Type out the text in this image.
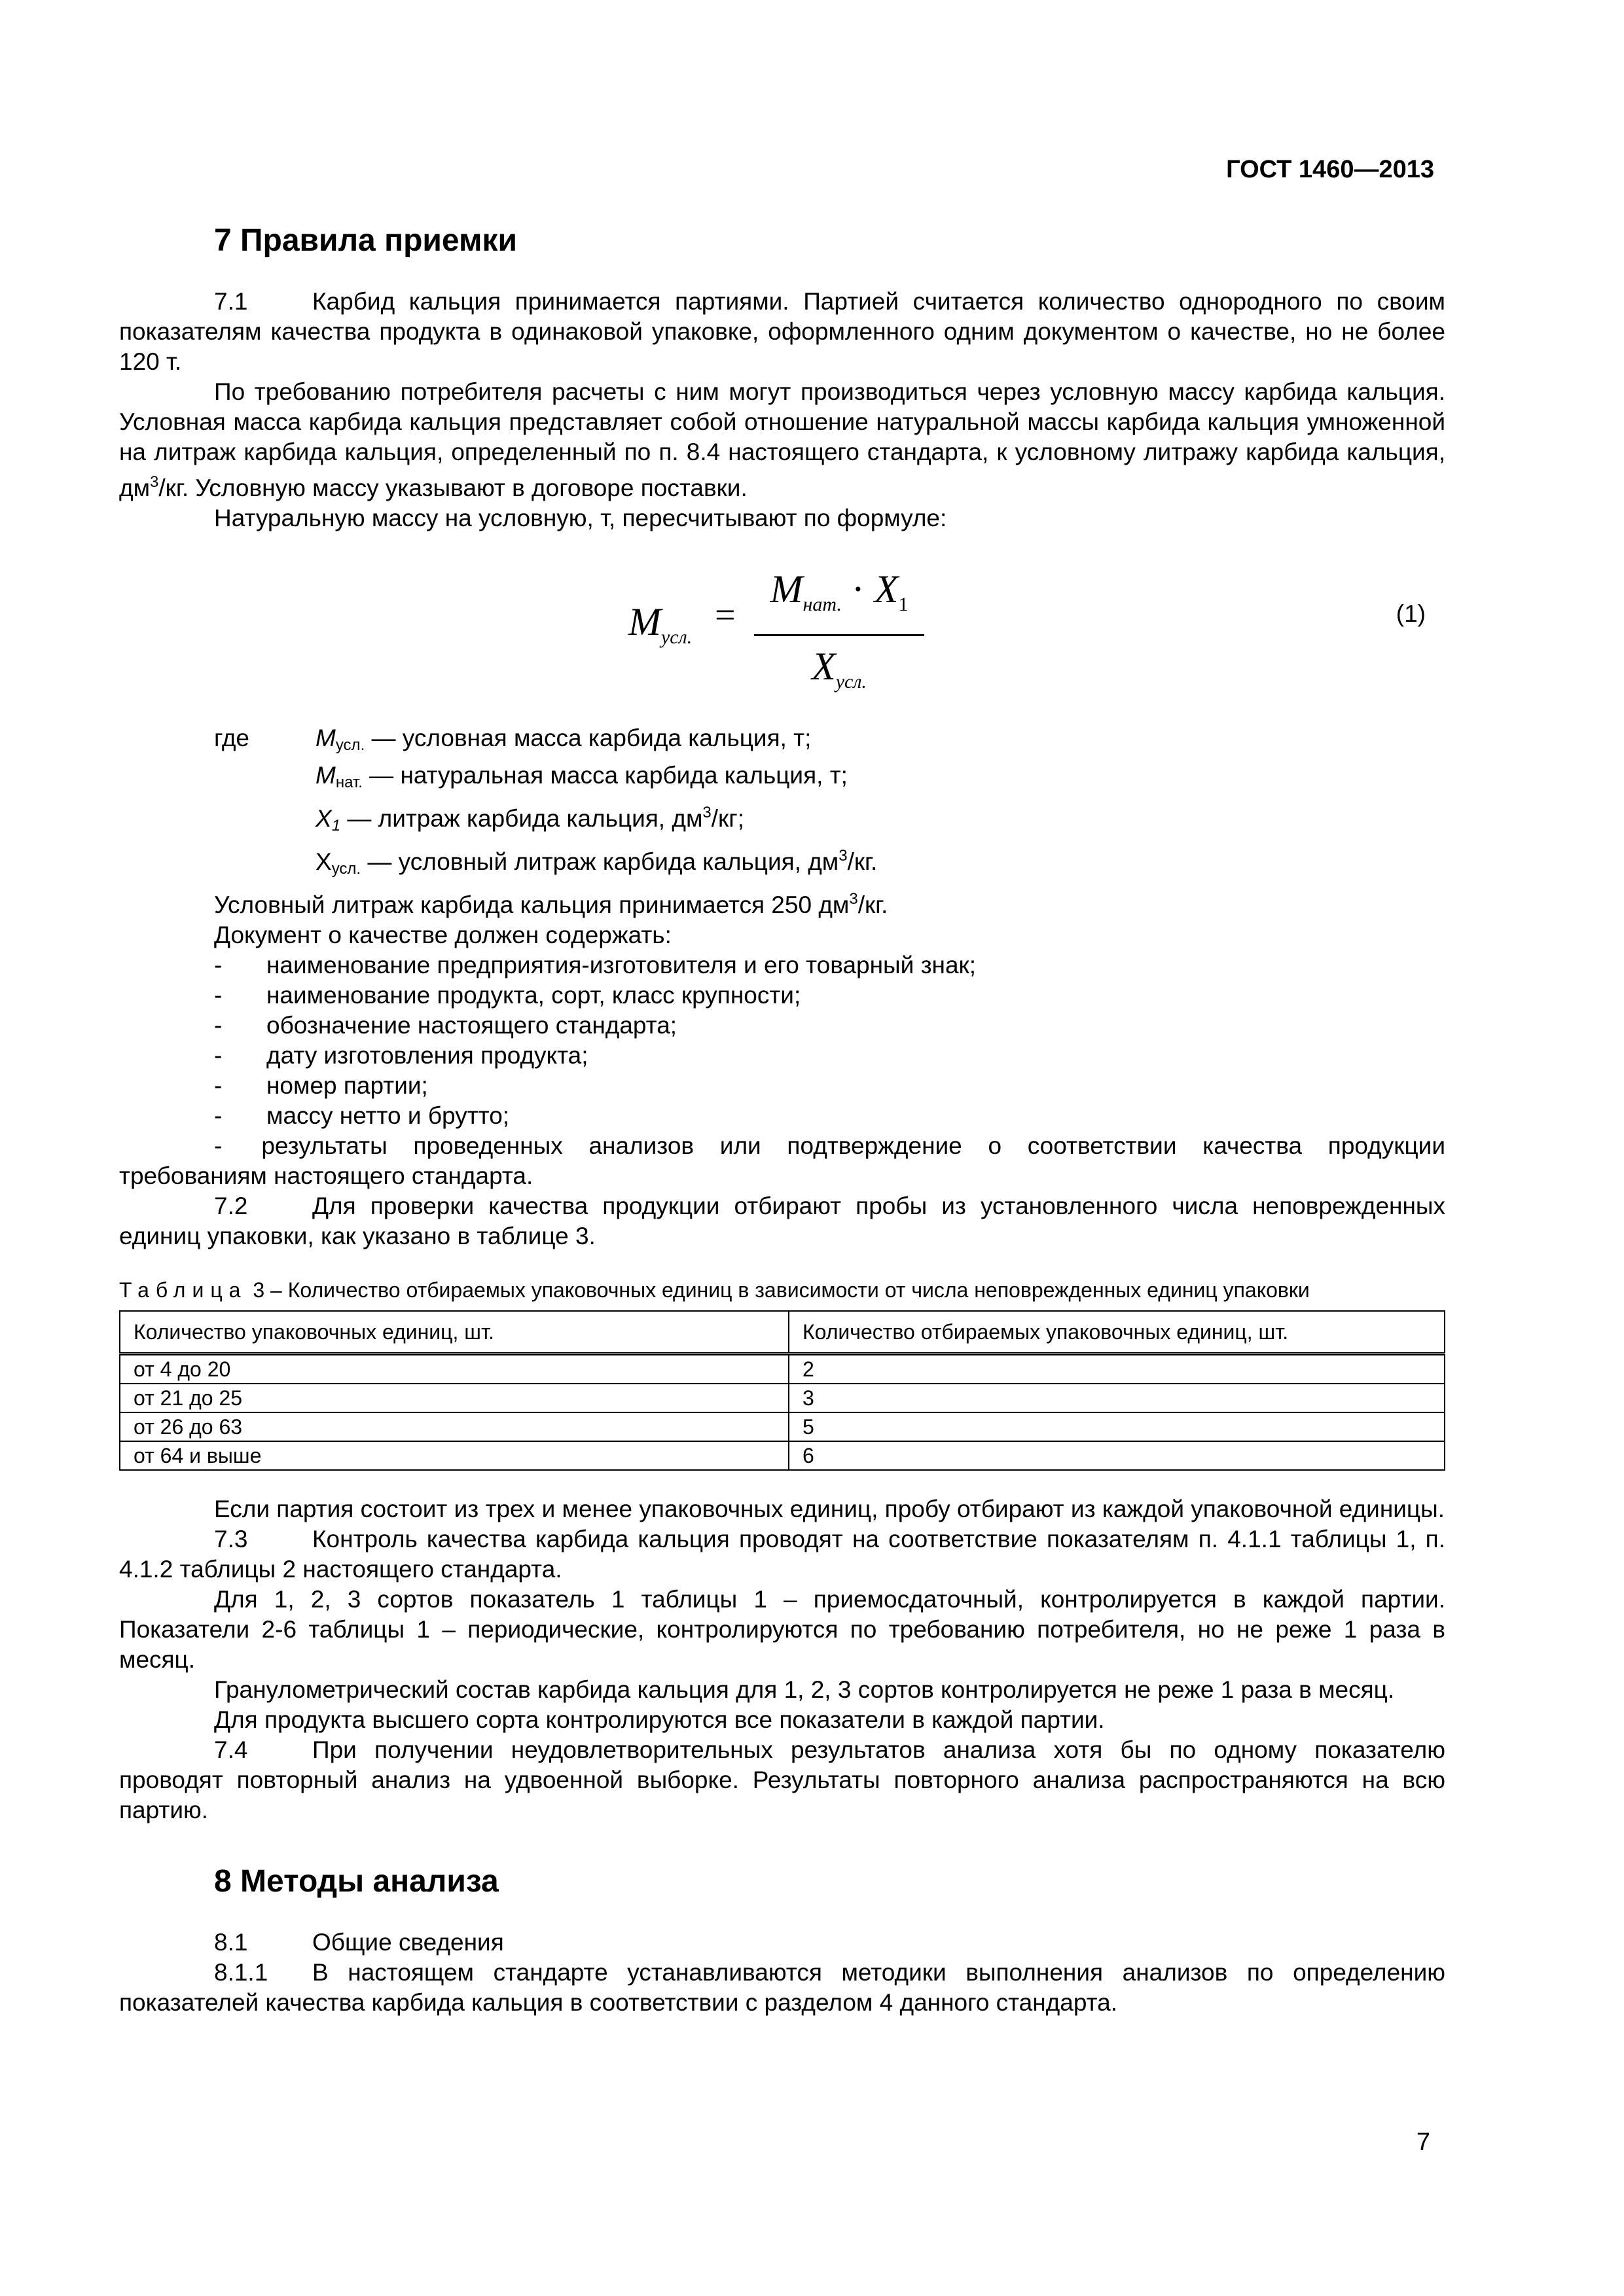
ГОСТ 1460—2013
7 Правила приемки

7.1	Карбид кальция принимается партиями. Партией считается количество однородного по своим показателям качества продукта в одинаковой упаковке, оформленного одним документом о качестве, но не более 120 т.

По требованию потребителя расчеты с ним могут производиться через условную массу карбида кальция. Условная масса карбида кальция представляет собой отношение натуральной массы карбида кальция умноженной на литраж карбида кальция, определенный по п. 8.4 настоящего стандарта, к условному литражу карбида кальция, $дм^3/кг$. Условную массу указывают в договоре поставки.

Натуральную массу на условную, т, пересчитывают по формуле:

$M_{усл.}$
=
$M_{нат.} \cdot X_1$
$X_{усл.}$
(1)
где	$M_{усл.}$ — условная масса карбида кальция, т;
$M_{нат.}$ — натуральная масса карбида кальция, т;
$X_1$ — литраж карбида кальция, $дм^3/кг$;
$X_{усл.}$ — условный литраж карбида кальция, $дм^3/кг$.

Условный литраж карбида кальция принимается 250 $дм^3/кг$.

Документ о качестве должен содержать:

-	наименование предприятия-изготовителя и его товарный знак;
-	наименование продукта, сорт, класс крупности;
-	обозначение настоящего стандарта;
-	дату изготовления продукта;
-	номер партии;
-	массу нетто и брутто;

- результаты проведенных анализов или подтверждение о соответствии качества продукции требованиям настоящего стандарта.

7.2	Для проверки качества продукции отбирают пробы из установленного числа неповрежденных единиц упаковки, как указано в таблице 3.

Таблица 3 – Количество отбираемых упаковочных единиц в зависимости от числа неповрежденных единиц упаковки
Количество упаковочных единиц, шт.	Количество отбираемых упаковочных единиц, шт.
от 4 до 20	2
от 21 до 25	3
от 26 до 63	5
от 64 и выше	6

Если партия состоит из трех и менее упаковочных единиц, пробу отбирают из каждой упаковочной единицы.

7.3	Контроль качества карбида кальция проводят на соответствие показателям п. 4.1.1 таблицы 1, п. 4.1.2 таблицы 2 настоящего стандарта.

Для 1, 2, 3 сортов показатель 1 таблицы 1 – приемосдаточный, контролируется в каждой партии. Показатели 2-6 таблицы 1 – периодические, контролируются по требованию потребителя, но не реже 1 раза в месяц.

Гранулометрический состав карбида кальция для 1, 2, 3 сортов контролируется не реже 1 раза в месяц.

Для продукта высшего сорта контролируются все показатели в каждой партии.

7.4	При получении неудовлетворительных результатов анализа хотя бы по одному показателю проводят повторный анализ на удвоенной выборке. Результаты повторного анализа распространяются на всю партию.

8 Методы анализа

8.1	Общие сведения

8.1.1 В настоящем стандарте устанавливаются методики выполнения анализов по определению показателей качества карбида кальция в соответствии с разделом 4 данного стандарта.

7
